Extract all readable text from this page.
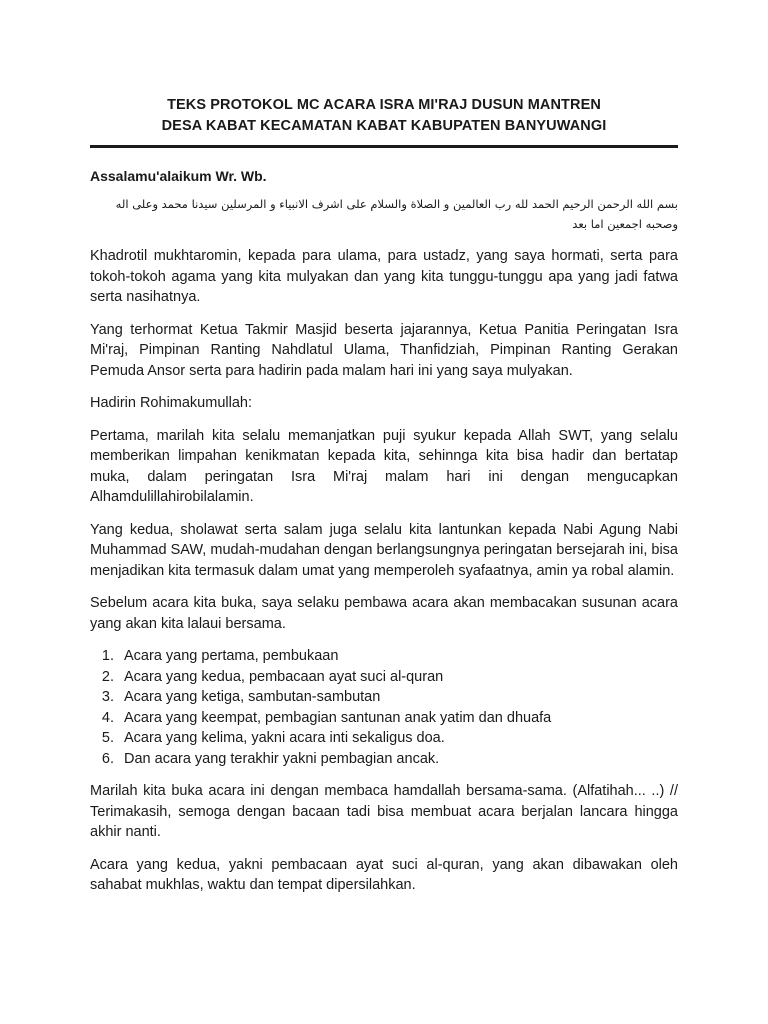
TEKS PROTOKOL MC ACARA ISRA MI'RAJ DUSUN MANTREN
DESA KABAT KECAMATAN KABAT KABUPATEN BANYUWANGI
Assalamu'alaikum Wr. Wb.
بسم الله الرحمن الرحيم الحمد لله رب العالمين و الصلاة والسلام على اشرف الانبياء و المرسلين سيدنا محمد وعلى اله وصحبه اجمعين اما بعد

Khadrotil mukhtaromin, kepada para ulama, para ustadz, yang saya hormati, serta para tokoh-tokoh agama yang kita mulyakan dan yang kita tunggu-tunggu apa yang jadi fatwa serta nasihatnya.

Yang terhormat Ketua Takmir Masjid beserta jajarannya, Ketua Panitia Peringatan Isra Mi'raj, Pimpinan Ranting Nahdlatul Ulama, Thanfidziah, Pimpinan Ranting Gerakan Pemuda Ansor serta para hadirin pada malam hari ini yang saya mulyakan.

Hadirin Rohimakumullah:

Pertama, marilah kita selalu memanjatkan puji syukur kepada Allah SWT, yang selalu memberikan limpahan kenikmatan kepada kita, sehinnga kita bisa hadir dan bertatap muka, dalam peringatan Isra Mi'raj malam hari ini dengan mengucapkan Alhamdulillahirobilalamin.

Yang kedua, sholawat serta salam juga selalu kita lantunkan kepada Nabi Agung Nabi Muhammad SAW, mudah-mudahan dengan berlangsungnya peringatan bersejarah ini, bisa menjadikan kita termasuk dalam umat yang memperoleh syafaatnya, amin ya robal alamin.

Sebelum acara kita buka, saya selaku pembawa acara akan membacakan susunan acara yang akan kita lalaui bersama.

1. Acara yang pertama, pembukaan
2. Acara yang kedua, pembacaan ayat suci al-quran
3. Acara yang ketiga, sambutan-sambutan
4. Acara yang keempat, pembagian santunan anak yatim dan dhuafa
5. Acara yang kelima, yakni acara inti sekaligus doa.
6. Dan acara yang terakhir yakni pembagian ancak.

Marilah kita buka acara ini dengan membaca hamdallah bersama-sama. (Alfatihah... ..) // Terimakasih, semoga dengan bacaan tadi bisa membuat acara berjalan lancara hingga akhir nanti.

Acara yang kedua, yakni pembacaan ayat suci al-quran, yang akan dibawakan oleh sahabat mukhlas, waktu dan tempat dipersilahkan.
